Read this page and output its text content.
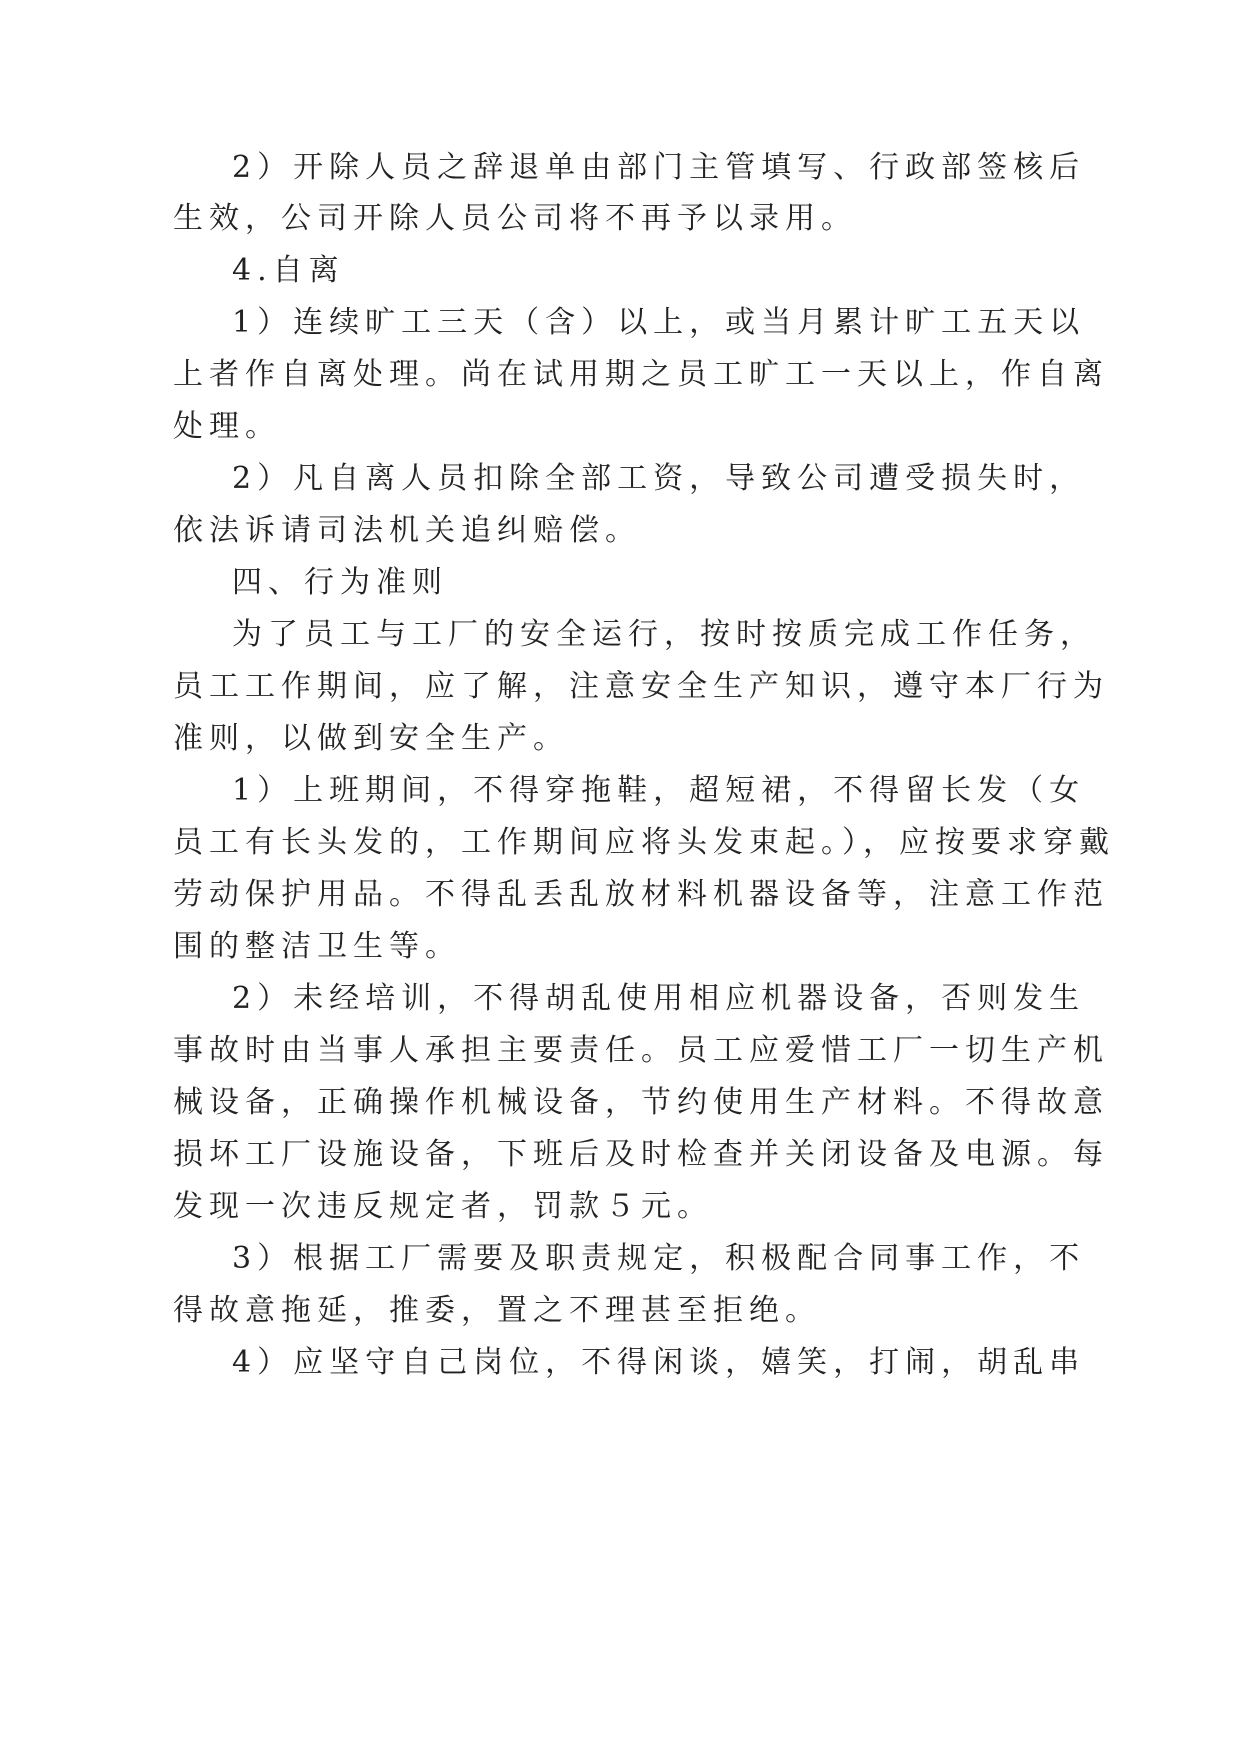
2）开除人员之辞退单由部门主管填写、行政部签核后
生效，公司开除人员公司将不再予以录用。
4.自离
1）连续旷工三天（含）以上，或当月累计旷工五天以
上者作自离处理。尚在试用期之员工旷工一天以上，作自离
处理。
2）凡自离人员扣除全部工资，导致公司遭受损失时，
依法诉请司法机关追纠赔偿。
四、行为准则
为了员工与工厂的安全运行，按时按质完成工作任务，
员工工作期间，应了解，注意安全生产知识，遵守本厂行为
准则，以做到安全生产。
1）上班期间，不得穿拖鞋，超短裙，不得留长发（女
员工有长头发的，工作期间应将头发束起。），应按要求穿戴
劳动保护用品。不得乱丢乱放材料机器设备等，注意工作范
围的整洁卫生等。
2）未经培训，不得胡乱使用相应机器设备，否则发生
事故时由当事人承担主要责任。员工应爱惜工厂一切生产机
械设备，正确操作机械设备，节约使用生产材料。不得故意
损坏工厂设施设备，下班后及时检查并关闭设备及电源。每
发现一次违反规定者，罚款５元。
3）根据工厂需要及职责规定，积极配合同事工作，不
得故意拖延，推委，置之不理甚至拒绝。
4）应坚守自己岗位，不得闲谈，嬉笑，打闹，胡乱串
